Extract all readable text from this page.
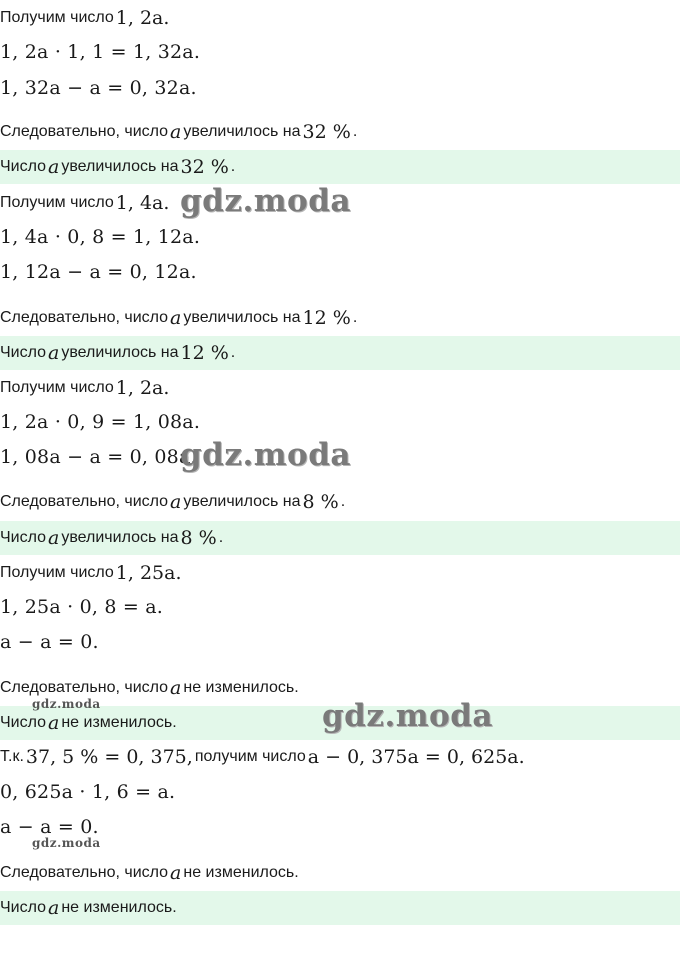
Получим число 1, 2a.
1, 2a · 1, 1 = 1, 32a.
1, 32a − a = 0, 32a.
Следовательно, число a увеличилось на 32 % .
Число a увеличилось на 32 % .
Получим число 1, 4a.
1, 4a · 0, 8 = 1, 12a.
1, 12a − a = 0, 12a.
Следовательно, число a увеличилось на 12 % .
Число a увеличилось на 12 % .
Получим число 1, 2a.
1, 2a · 0, 9 = 1, 08a.
1, 08a − a = 0, 08a.
Следовательно, число a увеличилось на 8 % .
Число a увеличилось на 8 % .
Получим число 1, 25a.
1, 25a · 0, 8 = a.
a − a = 0.
Следовательно, число a не изменилось.
Число a не изменилось.
Т.к. 37, 5 % = 0, 375, получим число a − 0, 375a = 0, 625a.
0, 625a · 1, 6 = a.
a − a = 0.
Следовательно, число a не изменилось.
Число a не изменилось.
gdz.moda
gdz.moda
gdz.moda
gdz.moda
gdz.moda
